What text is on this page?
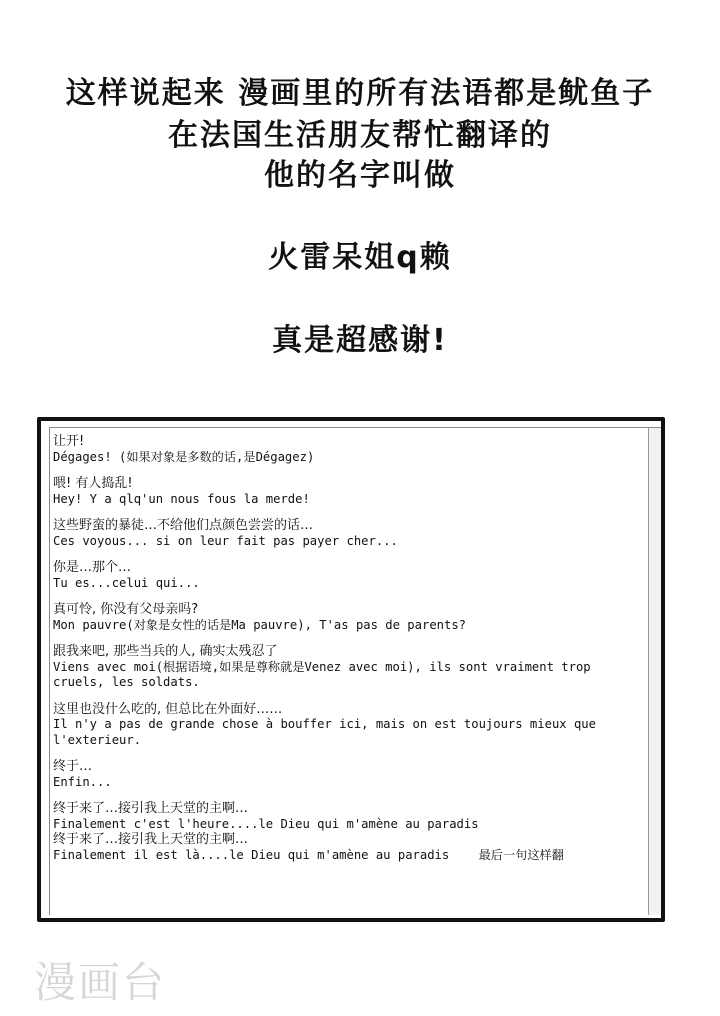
这样说起来 漫画里的所有法语都是鱿鱼子
在法国生活朋友帮忙翻译的
他的名字叫做
火雷呆姐q赖
真是超感谢!
让开!
Dégages! (如果对象是多数的话,是Dégagez)
喂! 有人捣乱!
Hey! Y a qlq'un nous fous la merde!
这些野蛮的暴徒…不给他们点颜色尝尝的话…
Ces voyous... si on leur fait pas payer cher...
你是…那个…
Tu es...celui qui...
真可怜, 你没有父母亲吗?
Mon pauvre(对象是女性的话是Ma pauvre), T'as pas de parents?
跟我来吧, 那些当兵的人, 确实太残忍了
Viens avec moi(根据语境,如果是尊称就是Venez avec moi), ils sont vraiment trop
cruels, les soldats.
这里也没什么吃的, 但总比在外面好……
Il n'y a pas de grande chose à bouffer ici, mais on est toujours mieux que
l'exterieur.
终于…
Enfin...
终于来了…接引我上天堂的主啊…
Finalement c'est l'heure....le Dieu qui m'amène au paradis
终于来了…接引我上天堂的主啊…
Finalement il est là....le Dieu qui m'amène au paradis    最后一句这样翻
漫画台
